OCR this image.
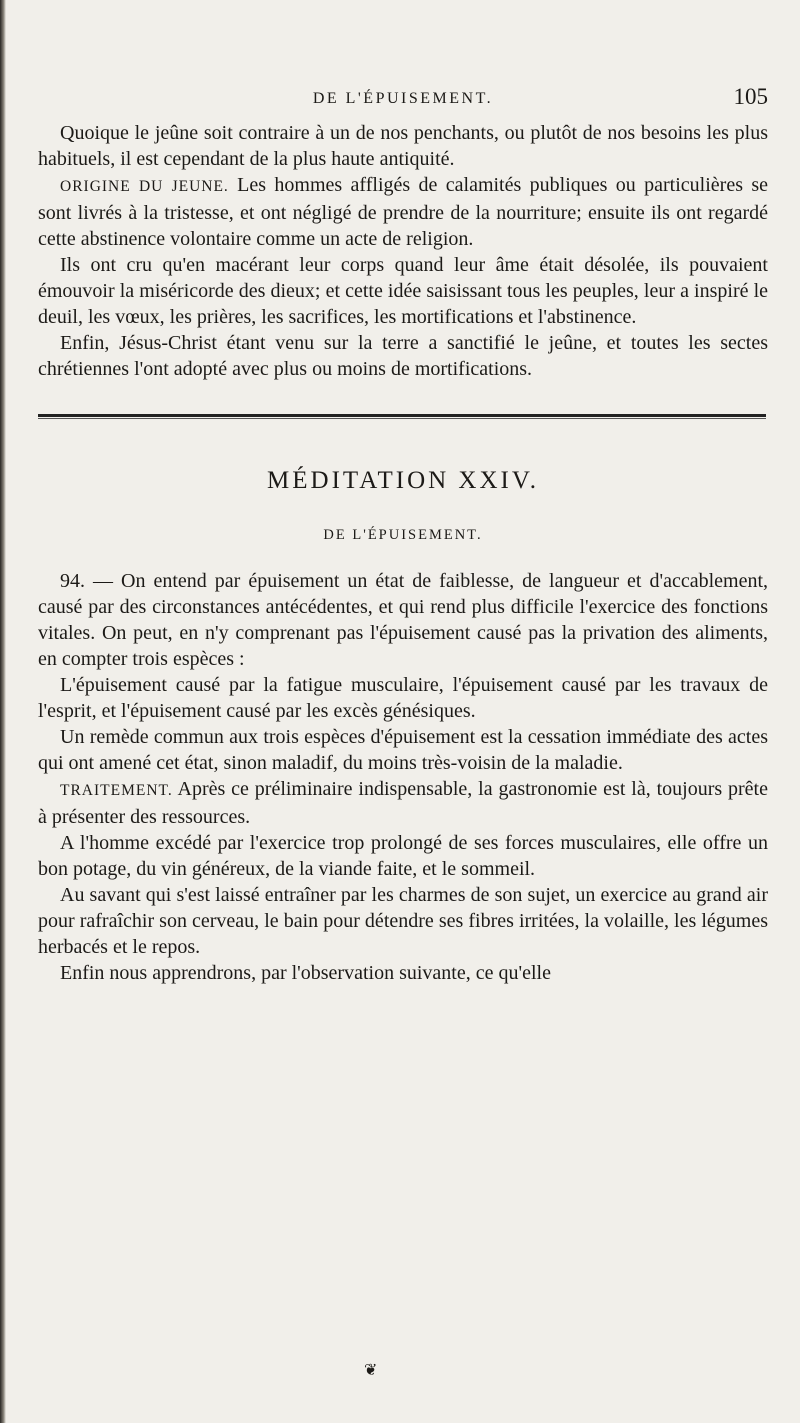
DE L'ÉPUISEMENT.	105

Quoique le jeûne soit contraire à un de nos penchants, ou plutôt de nos besoins les plus habituels, il est cependant de la plus haute antiquité.

ORIGINE DU JEUNE. Les hommes affligés de calamités publiques ou particulières se sont livrés à la tristesse, et ont négligé de prendre de la nourriture; ensuite ils ont regardé cette abstinence volontaire comme un acte de religion.

Ils ont cru qu'en macérant leur corps quand leur âme était désolée, ils pouvaient émouvoir la miséricorde des dieux; et cette idée saisissant tous les peuples, leur a inspiré le deuil, les vœux, les prières, les sacrifices, les mortifications et l'abstinence.

Enfin, Jésus-Christ étant venu sur la terre a sanctifié le jeûne, et toutes les sectes chrétiennes l'ont adopté avec plus ou moins de mortifications.

MÉDITATION XXIV.
DE L'ÉPUISEMENT.

94. — On entend par épuisement un état de faiblesse, de langueur et d'accablement, causé par des circonstances antécédentes, et qui rend plus difficile l'exercice des fonctions vitales. On peut, en n'y comprenant pas l'épuisement causé pas la privation des aliments, en compter trois espèces :

L'épuisement causé par la fatigue musculaire, l'épuisement causé par les travaux de l'esprit, et l'épuisement causé par les excès génésiques.

Un remède commun aux trois espèces d'épuisement est la cessation immédiate des actes qui ont amené cet état, sinon maladif, du moins très-voisin de la maladie.

TRAITEMENT. Après ce préliminaire indispensable, la gastronomie est là, toujours prête à présenter des ressources.

A l'homme excédé par l'exercice trop prolongé de ses forces musculaires, elle offre un bon potage, du vin généreux, de la viande faite, et le sommeil.

Au savant qui s'est laissé entraîner par les charmes de son sujet, un exercice au grand air pour rafraîchir son cerveau, le bain pour détendre ses fibres irritées, la volaille, les légumes herbacés et le repos.

Enfin nous apprendrons, par l'observation suivante, ce qu'elle

❦
